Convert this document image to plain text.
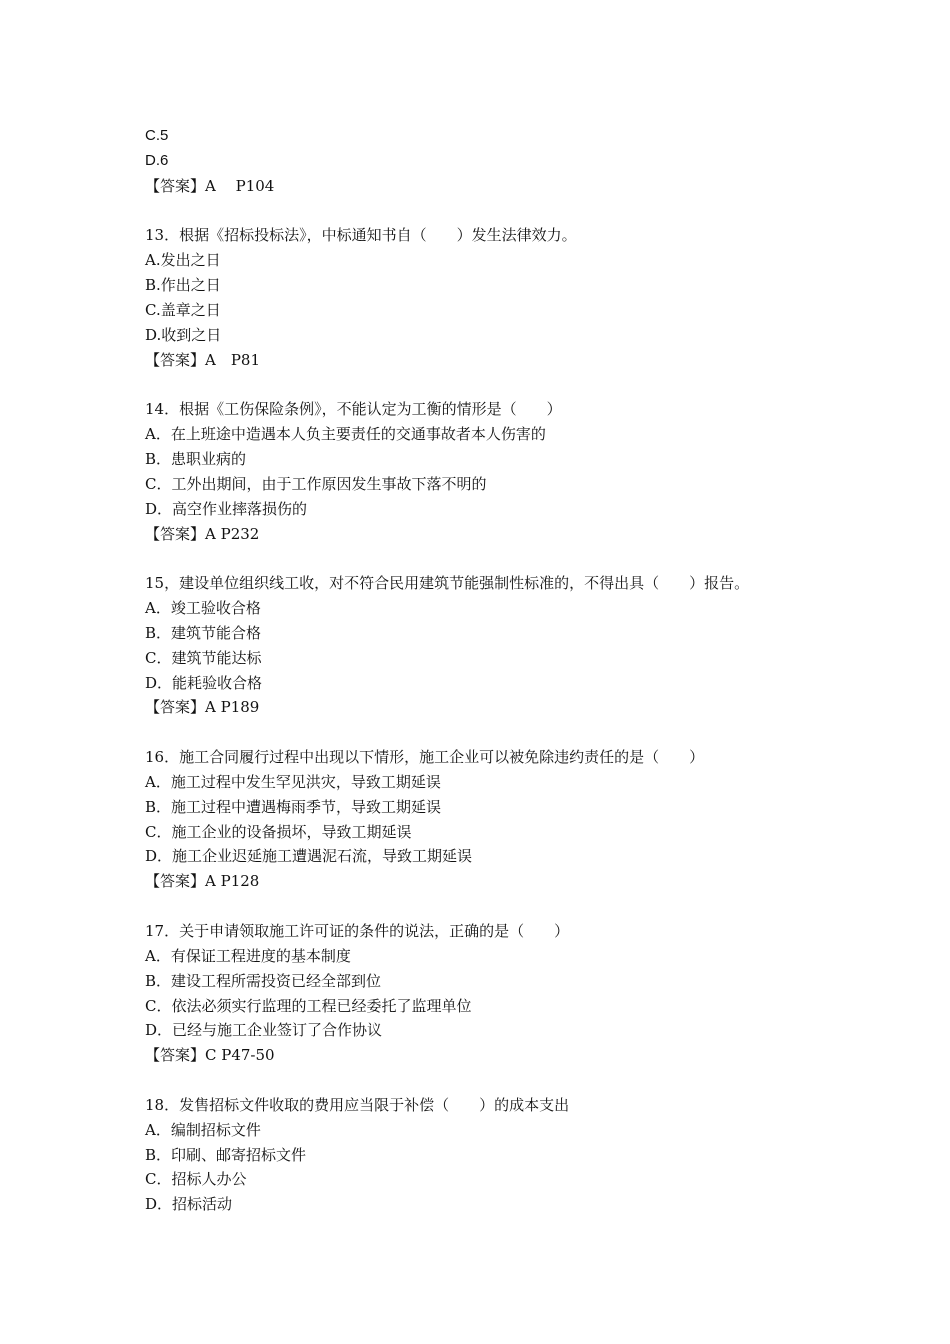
C.5
D.6
【答案】A　 P104
13．根据《招标投标法》，中标通知书自（　　）发生法律效力。
A.发出之日
B.作出之日
C.盖章之日
D.收到之日
【答案】A　P81
14．根据《工伤保险条例》，不能认定为工衡的情形是（　　）
A．在上班途中造遇本人负主要责任的交通事故者本人伤害的
B．患职业病的
C．工外出期间，由于工作原因发生事故下落不明的
D．高空作业摔落损伤的
【答案】A P232
15，建设单位组织线工收，对不符合民用建筑节能强制性标准的，不得出具（　　）报告。
A．竣工验收合格
B．建筑节能合格
C．建筑节能达标
D．能耗验收合格
【答案】A P189
16．施工合同履行过程中出现以下情形，施工企业可以被免除违约责任的是（　　）
A．施工过程中发生罕见洪灾，导致工期延误
B．施工过程中遭遇梅雨季节，导致工期延误
C．施工企业的设备损坏，导致工期延误
D．施工企业迟延施工遭遇泥石流，导致工期延误
【答案】A P128
17．关于申请领取施工许可证的条件的说法，正确的是（　　）
A．有保证工程进度的基本制度
B．建设工程所需投资已经全部到位
C．依法必须实行监理的工程已经委托了监理单位
D．已经与施工企业签订了合作协议
【答案】C P47-50
18．发售招标文件收取的费用应当限于补偿（　　）的成本支出
A．编制招标文件
B．印刷、邮寄招标文件
C．招标人办公
D．招标活动
